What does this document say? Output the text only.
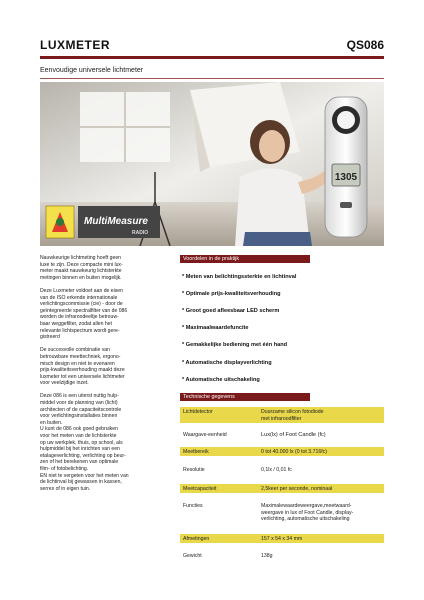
LUXMETER	QS086
Eenvoudige universele lichtmeter
1305
MultiMeasure
RADIO

Nauwkeurige lichtmeting hoeft geen
luxe te zijn. Deze compacte mini lux-
meter maakt nauwkeurig lichtsterkte
metingen binnen en buiten mogelijk.

Deze Luxmeter voldoet aan de eisen
van de ISO erkende internationale
verlichtingscommissie (cie) - door de
geïntegreerde spectralfilter van de 086
worden de infraroodeeltje betrouw-
baar weggefilter, zodat allen het
relevante lichtspectrum wordt gere-
gistreerd

De succesvolle combinatie van
betrouwbare meettechniek, ergono-
misch design en niet te evenaren
prijs-kwaliteitsverhouding maakt deze
luxmeter tot een universele lichtmeter
voor veelzijdige inzet.

Deze 086 is een uiterst nuttig hulp-
middel voor de planning van (licht)
architecten of de capaciteitscontrole
voor verlichtingsinstallaties binnen
en buiten.
U kunt de 086 ook goed gebruiken
voor het meten van de lichtsterkte
op uw werkplek, thuis, op school, als
hulpmiddel bij het inrichten van een
etalageverlichting, verlichting op beur-
zen of het berekenen van optimale
film- of fotobelichting.
EN niet te vergeten voor het meten van
de lichtinval bij gewassen in kassen,
serres of in eigen tuin.

Voordelen in de praktijk
* Meten van belichtingssterkte en lichtinval
* Optimale prijs-kwaliteitsverhouding
* Groot goed afleesbaar LED scherm
* Maximaalwaardefuncite
* Gemakkelijke bediening met één hand
* Automatische displayverlichting
* Automatische uitschakeling
Technische gegevens
Lichtdetector	Duurzame silicon fotodiode
met infraroodfilter
Waargave-eenheid	Lux(lx) of Foot Candle (fc)
Meetbereik	0 tot 40.000 lx (0 tot 3.716fc)
Resolutie	0,1lx / 0,01 fc
Meetcapaciteit	2,5keer per seconde, nominaal
Functies	Maximalewaardeweergave,meetwaard-
weergave in lux of Foot Candle, display-
verlichting, automatische uitschakeling
Afmetingen	157 x 54 x 34 mm
Gewicht	138g
